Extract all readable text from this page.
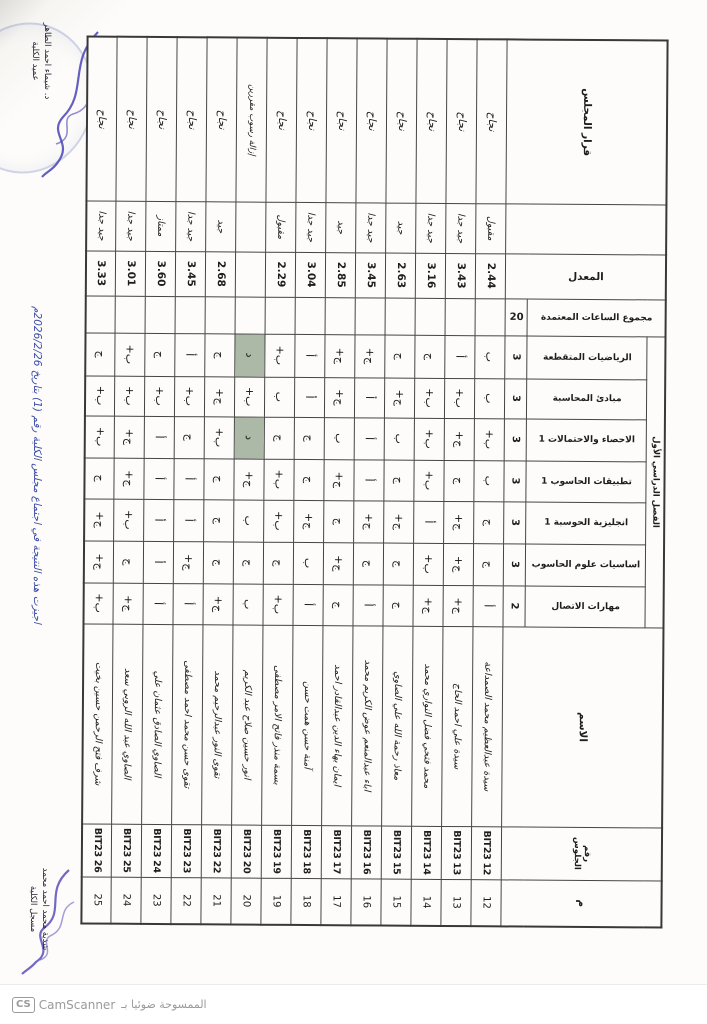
د. شيماء احمد الطاهر
عميد الكلية
اجيزت هذه النتيجة في اجتماع مجلس الكلية رقم (1) بتاريخ 2026/2/26م
م	رقم الجلوس	الاسم	الفصل الدراسي الأول							مجموع الساعات المعتمدة	المعدل		قرار المجلس

			مهارات الاتصال	اساسيات علوم الحاسوب	انجليزية الحوسبة 1	تطبيقات الحاسوب 1	الاحصاء والاحتمالات 1	مبادئ المحاسبة	الرياضيات المتقطعة				

			2	3	3	3	3	3	3	20			

12	BIT23 12	سيدة عبدالعظيم محمد الصمداعة	أ	ج	ج	ب	ب+	ب	ب		2.44	مقبول	نجاح
13	BIT23 13	سيدة علي احمد الحاج	ج+	ج+	ج+	ج	ج+	ب+	أ		3.43	جيد جدا	نجاح
14	BIT23 14	محمد فتحي فضل النواري محمد	ج+	ب+	أ	ب+	ب+	ب+	ج		3.16	جيد جدا	نجاح
15	BIT23 15	معاذ رحمة الله علي الصاوي	ج	ج	ج+	ج	ب	ج+	ج		2.63	جيد	نجاح
16	BIT23 16	اباء عبدالمنعم عوض الكريم محمد	أ	ج	ج+	أ	أ	أ	ج+		3.45	جيد جدا	نجاح
17	BIT23 17	ايمان بهاء الدين عبدالقادر احمد	ج	ج+	ج	ج+	ب	ج+	ج+		2.85	جيد	نجاح
18	BIT23 18	آمنة حسن همت حسن	أ	ب	ج+	ج	ج	أ	أ		3.04	جيد جدا	نجاح
19	BIT23 19	بسمة منذر فاتح الامر مصطفى	ب+	ج	ب+	ب+	ج	ب	ب+		2.29	مقبول	نجاح
20	BIT23 20	انور حسين صلاح عبد الكريم	ب	ج	ب	ج+	د	ب+	د				إزالة رسوب مقررين
21	BIT23 22	تقوى النور عبدالرحيم محمد	ج+	ج	ج	ج	ب+	ج+	ج		2.68	جيد	نجاح
22	BIT23 23	تقوى حسن محمد احمد مصطفى	أ	ج+	أ	أ	ج	ب+	أ		3.45	جيد جدا	نجاح
23	BIT23 24	الصاوي الصادق عثمان علي	أ	أ	أ	أ	أ	ب+	ج		3.60	ممتاز	نجاح
24	BIT23 25	الصاوي عبد الله الروبي سعد	ج+	ج	ب+	ج+	ج+	ب+	ب+		3.01	جيد جدا	نجاح
25	BIT23 26	شرف فتح الرحمن حسين بخيت	ب+	ج+	ج+	ج	ب+	ب+	ج		3.33	جيد جدا	نجاح
شذية محمد احمد محمد
مسجل الكلية
CS CamScanner الممسوحة ضوئيا بـ
